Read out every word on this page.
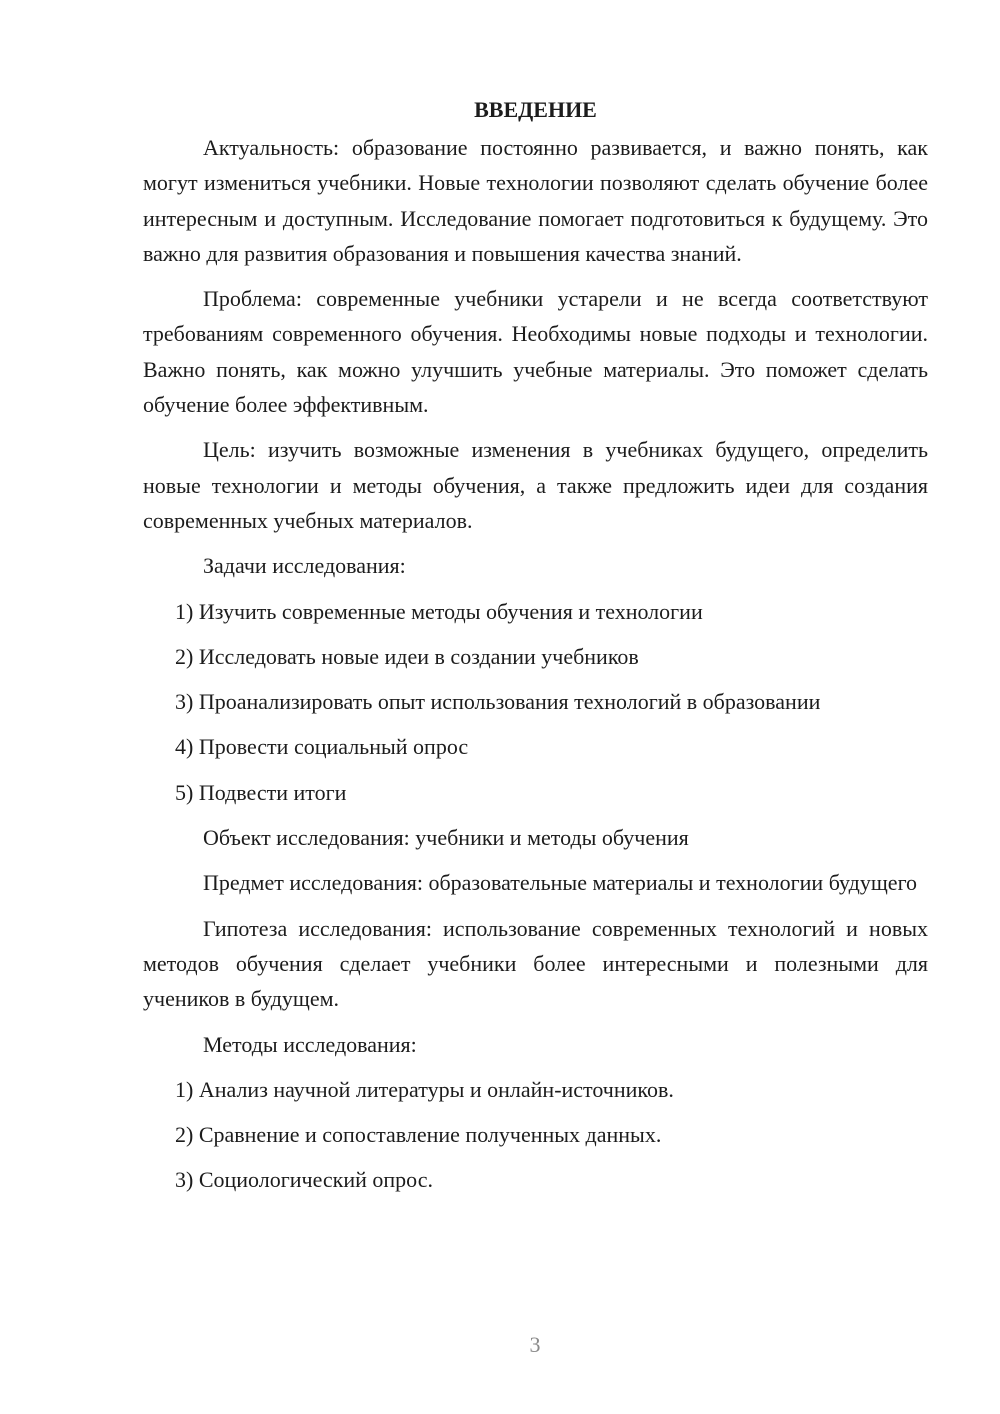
ВВЕДЕНИЕ

Актуальность: образование постоянно развивается, и важно понять, как могут измениться учебники. Новые технологии позволяют сделать обучение более интересным и доступным. Исследование помогает подготовиться к будущему. Это важно для развития образования и повышения качества знаний.

Проблема: современные учебники устарели и не всегда соответствуют требованиям современного обучения. Необходимы новые подходы и технологии. Важно понять, как можно улучшить учебные материалы. Это поможет сделать обучение более эффективным.

Цель: изучить возможные изменения в учебниках будущего, определить новые технологии и методы обучения, а также предложить идеи для создания современных учебных материалов.

Задачи исследования:

1) Изучить современные методы обучения и технологии
2) Исследовать новые идеи в создании учебников
3) Проанализировать опыт использования технологий в образовании
4) Провести социальный опрос
5) Подвести итоги

Объект исследования: учебники и методы обучения

Предмет исследования: образовательные материалы и технологии будущего

Гипотеза исследования: использование современных технологий и новых методов обучения сделает учебники более интересными и полезными для учеников в будущем.

Методы исследования:

1) Анализ научной литературы и онлайн-источников.
2) Сравнение и сопоставление полученных данных.
3) Социологический опрос.
3
